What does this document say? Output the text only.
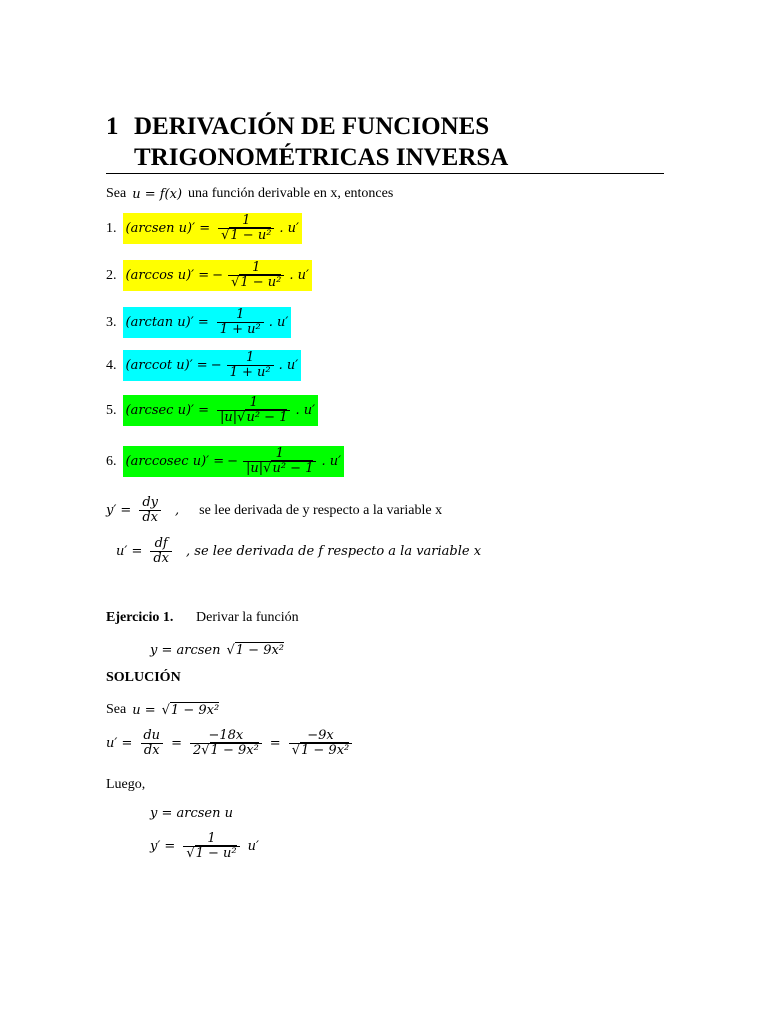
1 DERIVACIÓN DE FUNCIONES
TRIGONOMÉTRICAS INVERSA
Sea u = f(x) una función derivable en x, entonces
1. (arcsen $u)' = \frac{1}{\text{√1 − u²}}$ . u′
2. (arccos u)′ = − $\frac{1}{\text{√1 − u²}}$ . u′
3. (arctan $u)' = \frac{1}{\text{1 + u²}}$ . u′
4. (arccot u)′ = − $\frac{1}{\text{1 + u²}}$ . u′
5. (arcsec $u)' = \frac{1}{\text{|u|√u² − 1}}$ . u′
6. (arccosec u)′ = − $\frac{1}{\text{|u|√u² − 1}}$ . u′
$y' = \frac{dy}{dx}$ , se lee derivada de y respecto a la variable x
$u' = \frac{df}{dx}$ , se lee derivada de f respecto a la variable x
Ejercicio 1. Derivar la función
y = arcsen √1 − 9x²
SOLUCIÓN
Sea u = √1 − 9x²
$u' = \frac{du}{dx} = \frac{-18x}{\text{2√1 − 9x²}} = \frac{-9x}{\text{√1 − 9x²}}$
Luego,
y = arcsen u
$y' = \frac{1}{\text{√1 − u²}} u'$
